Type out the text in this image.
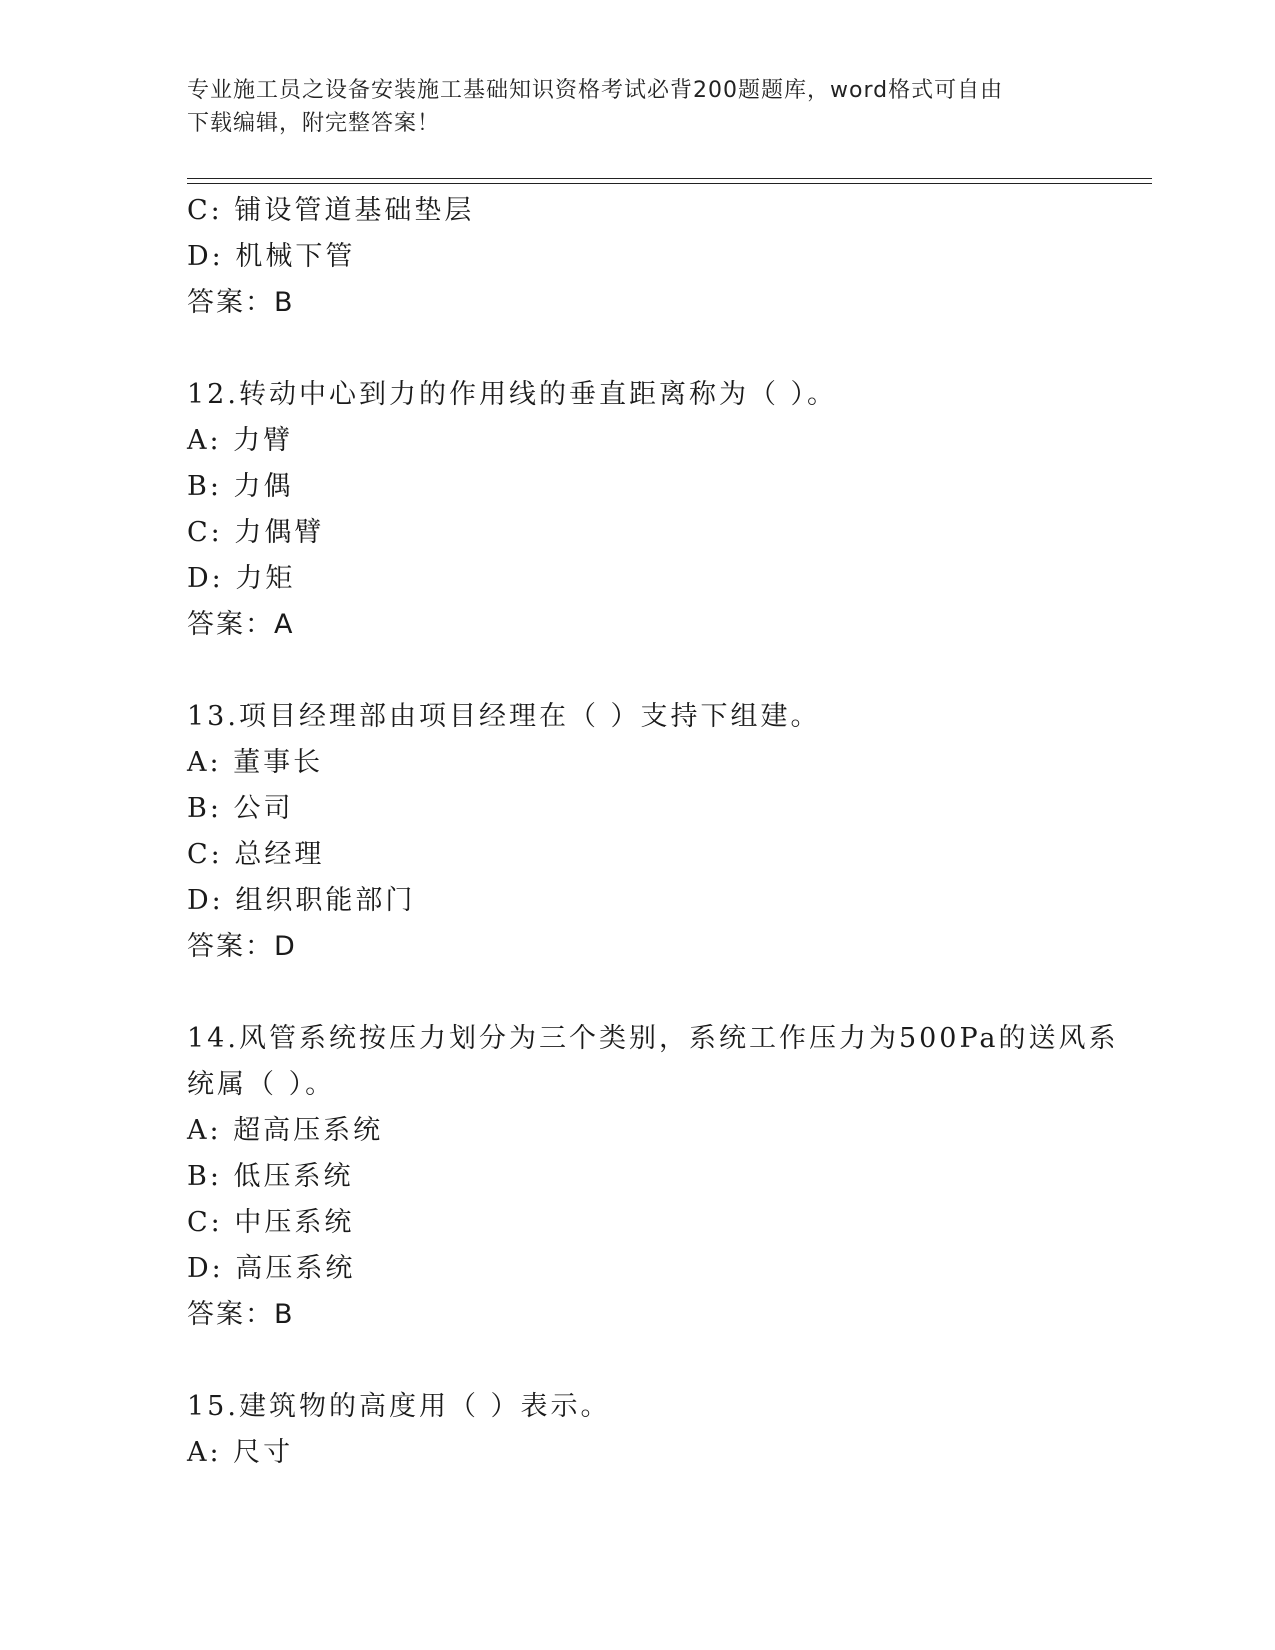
专业施工员之设备安装施工基础知识资格考试必背200题题库，word格式可自由
下载编辑，附完整答案！
C: 铺设管道基础垫层
D: 机械下管
答案：B
12.转动中心到力的作用线的垂直距离称为（ ）。
A: 力臂
B: 力偶
C: 力偶臂
D: 力矩
答案：A
13.项目经理部由项目经理在（ ）支持下组建。
A: 董事长
B: 公司
C: 总经理
D: 组织职能部门
答案：D
14.风管系统按压力划分为三个类别，系统工作压力为500Pa的送风系
统属（ ）。
A: 超高压系统
B: 低压系统
C: 中压系统
D: 高压系统
答案：B
15.建筑物的高度用（ ）表示。
A: 尺寸
